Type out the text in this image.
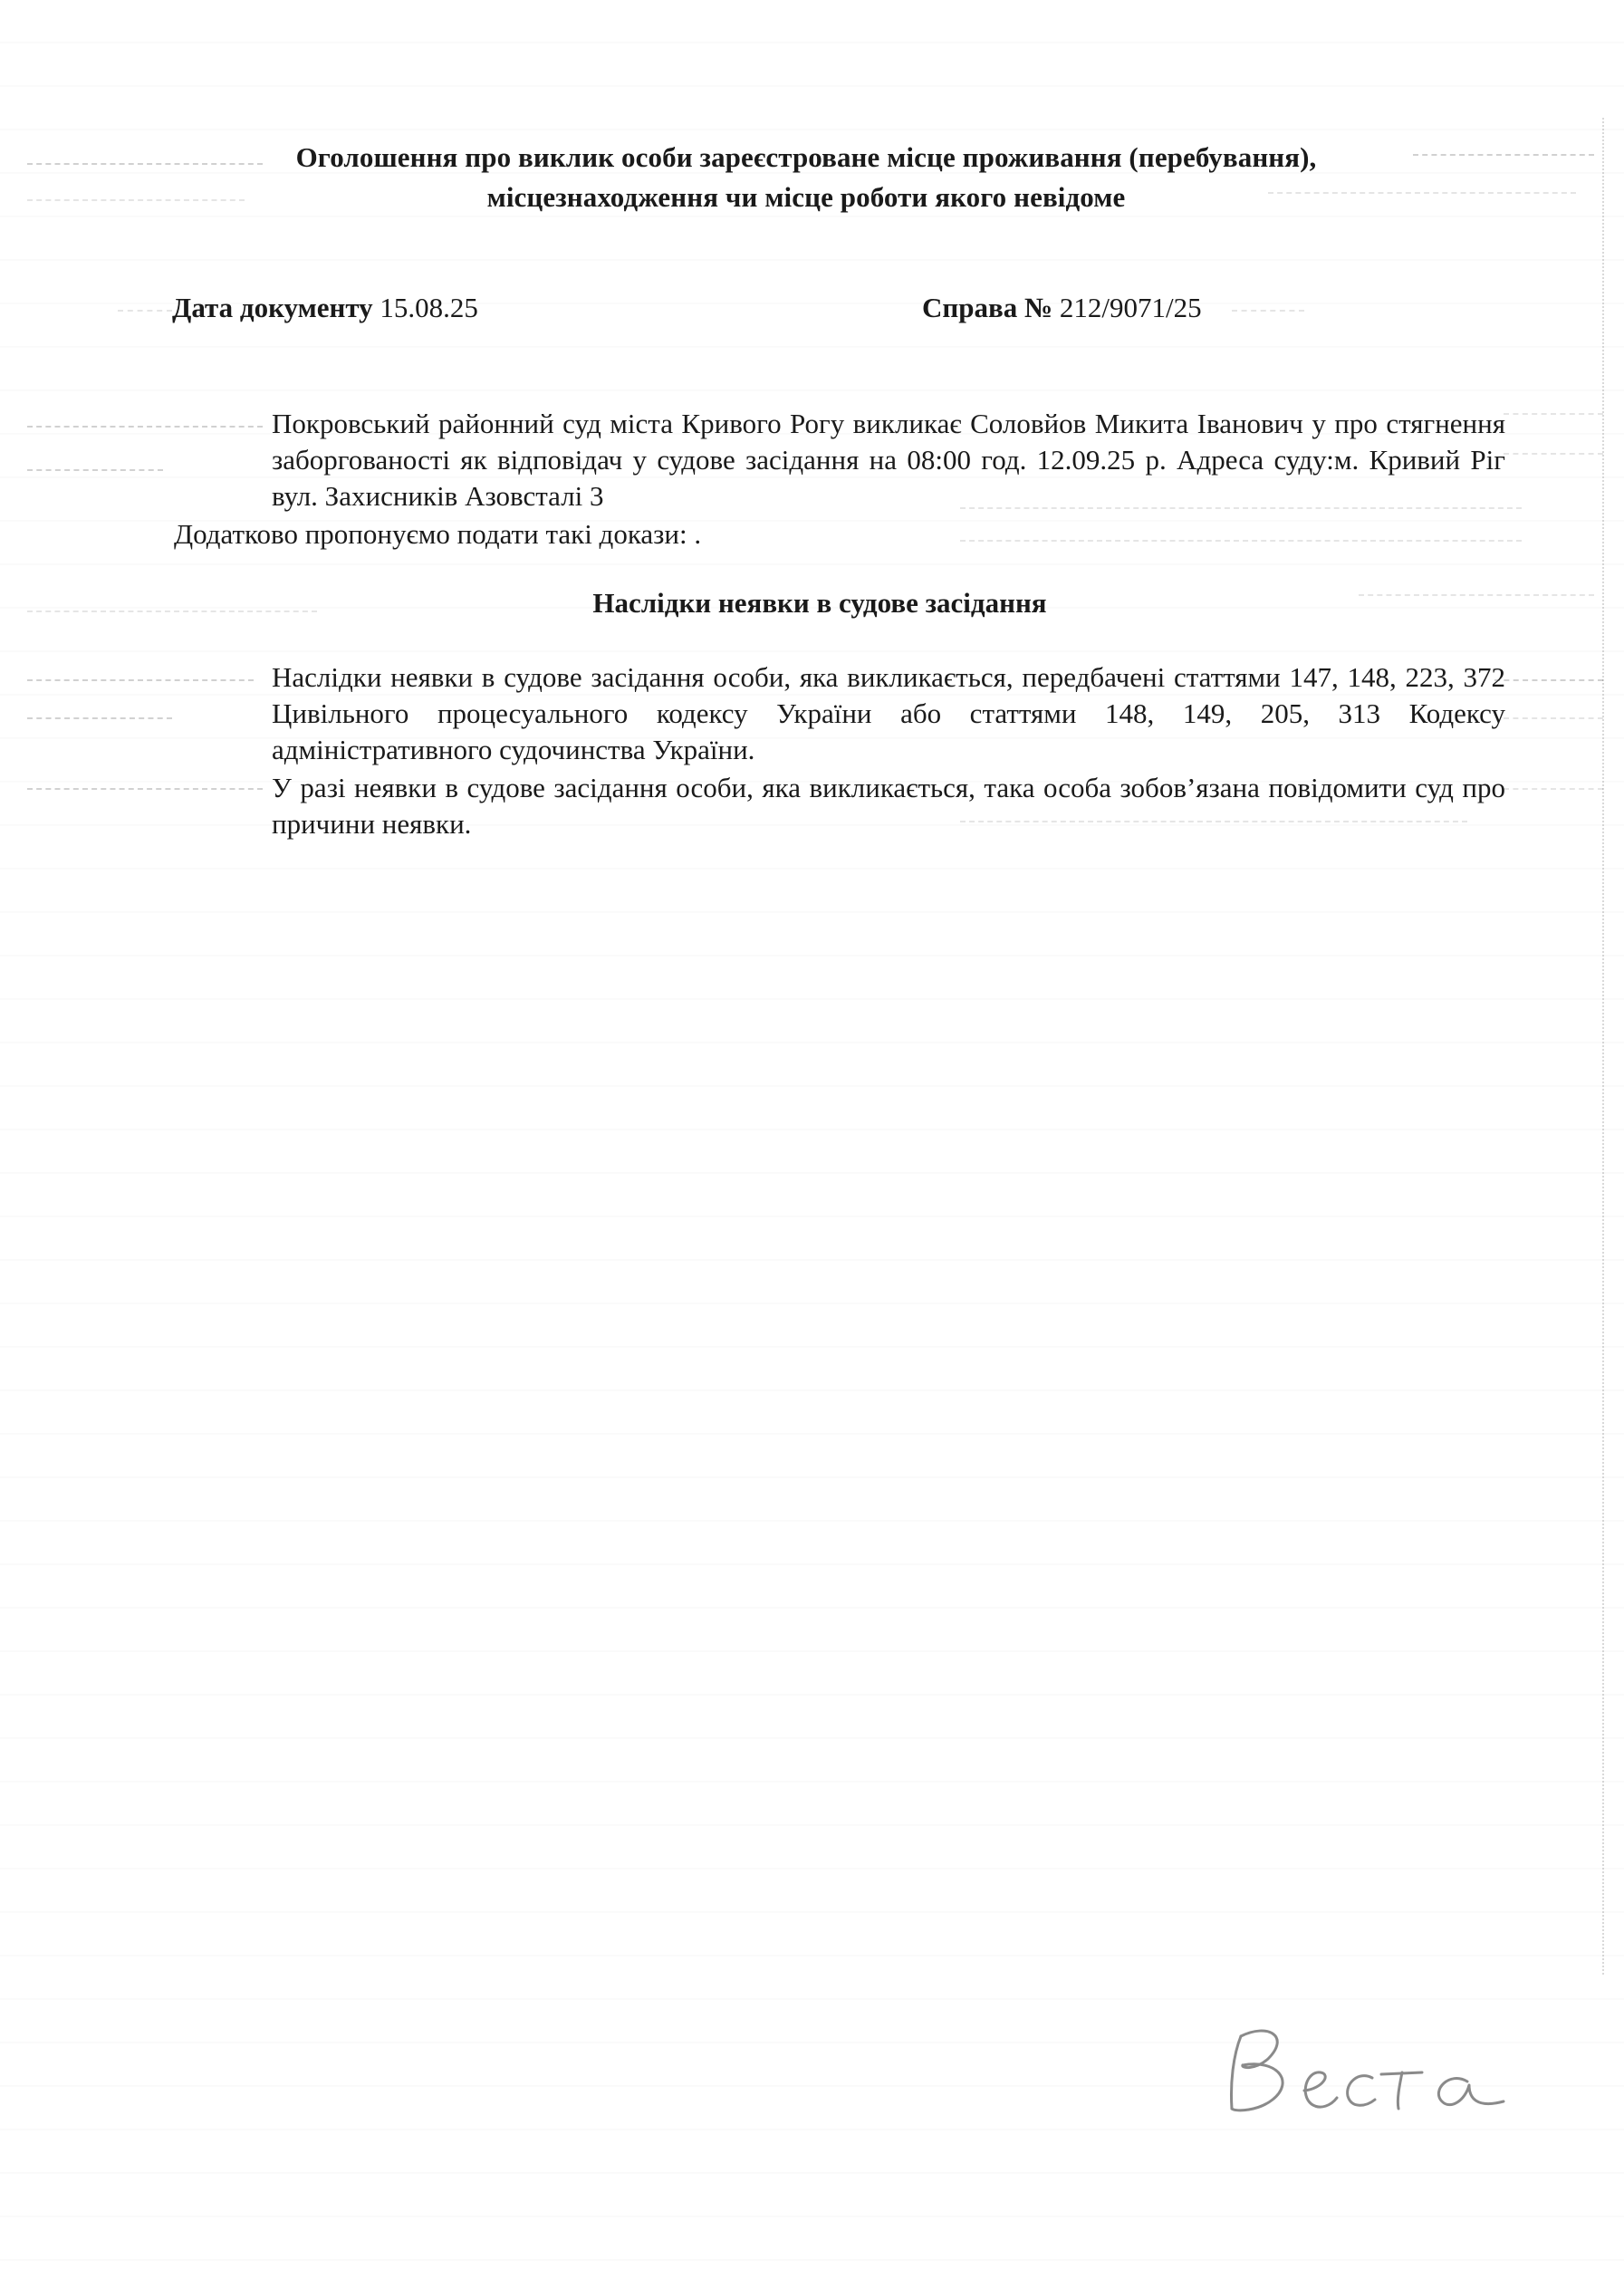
Оголошення про виклик особи зареєстроване місце проживання (перебування),
місцезнаходження чи місце роботи якого невідоме
Дата документу 15.08.25	Справа № 212/9071/25
Покровський районний суд міста Кривого Рогу викликає Соловйов Микита Іванович у про стягнення заборгованості як відповідач у судове засідання на 08:00 год. 12.09.25 р. Адреса суду:м. Кривий Ріг вул. Захисників Азовсталі 3
Додатково пропонуємо подати такі докази: .
Наслідки неявки в судове засідання
Наслідки неявки в судове засідання особи, яка викликається, передбачені статтями 147, 148, 223, 372 Цивільного процесуального кодексу України або статтями 148, 149, 205, 313 Кодексу адміністративного судочинства України.
У разі неявки в судове засідання особи, яка викликається, така особа зобов’язана повідомити суд про причини неявки.
